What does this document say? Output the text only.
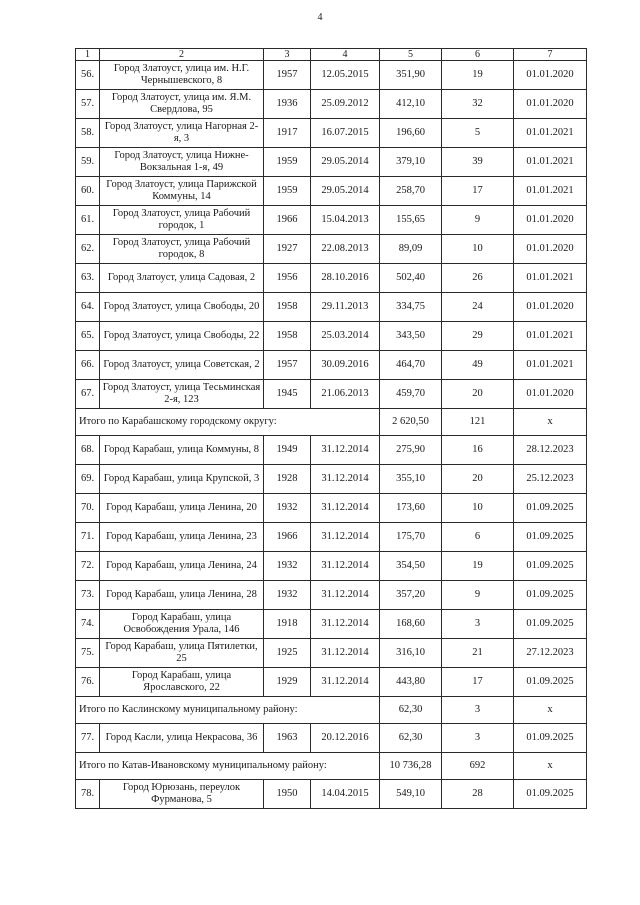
4
1	2	3	4	5	6	7
56.	Город Златоуст, улица им. Н.Г. Чернышевского, 8	1957	12.05.2015	351,90	19	01.01.2020
57.	Город Златоуст, улица им. Я.М. Свердлова, 95	1936	25.09.2012	412,10	32	01.01.2020
58.	Город Златоуст, улица Нагорная 2-я, 3	1917	16.07.2015	196,60	5	01.01.2021
59.	Город Златоуст, улица Нижне-Вокзальная 1-я, 49	1959	29.05.2014	379,10	39	01.01.2021
60.	Город Златоуст, улица Парижской Коммуны, 14	1959	29.05.2014	258,70	17	01.01.2021
61.	Город Златоуст, улица Рабочий городок, 1	1966	15.04.2013	155,65	9	01.01.2020
62.	Город Златоуст, улица Рабочий городок, 8	1927	22.08.2013	89,09	10	01.01.2020
63.	Город Златоуст, улица Садовая, 2	1956	28.10.2016	502,40	26	01.01.2021
64.	Город Златоуст, улица Свободы, 20	1958	29.11.2013	334,75	24	01.01.2020
65.	Город Златоуст, улица Свободы, 22	1958	25.03.2014	343,50	29	01.01.2021
66.	Город Златоуст, улица Советская, 2	1957	30.09.2016	464,70	49	01.01.2021
67.	Город Златоуст, улица Тесьминская 2-я, 123	1945	21.06.2013	459,70	20	01.01.2020
Итого по Карабашскому городскому округу:				2 620,50	121	х
68.	Город Карабаш, улица Коммуны, 8	1949	31.12.2014	275,90	16	28.12.2023
69.	Город Карабаш, улица Крупской, 3	1928	31.12.2014	355,10	20	25.12.2023
70.	Город Карабаш, улица Ленина, 20	1932	31.12.2014	173,60	10	01.09.2025
71.	Город Карабаш, улица Ленина, 23	1966	31.12.2014	175,70	6	01.09.2025
72.	Город Карабаш, улица Ленина, 24	1932	31.12.2014	354,50	19	01.09.2025
73.	Город Карабаш, улица Ленина, 28	1932	31.12.2014	357,20	9	01.09.2025
74.	Город Карабаш, улица Освобождения Урала, 146	1918	31.12.2014	168,60	3	01.09.2025
75.	Город Карабаш, улица Пятилетки, 25	1925	31.12.2014	316,10	21	27.12.2023
76.	Город Карабаш, улица Ярославского, 22	1929	31.12.2014	443,80	17	01.09.2025
Итого по Каслинскому муниципальному району:				62,30	3	х
77.	Город Касли, улица Некрасова, 36	1963	20.12.2016	62,30	3	01.09.2025
Итого по Катав-Ивановскому муниципальному району:				10 736,28	692	х
78.	Город Юрюзань, переулок Фурманова, 5	1950	14.04.2015	549,10	28	01.09.2025
